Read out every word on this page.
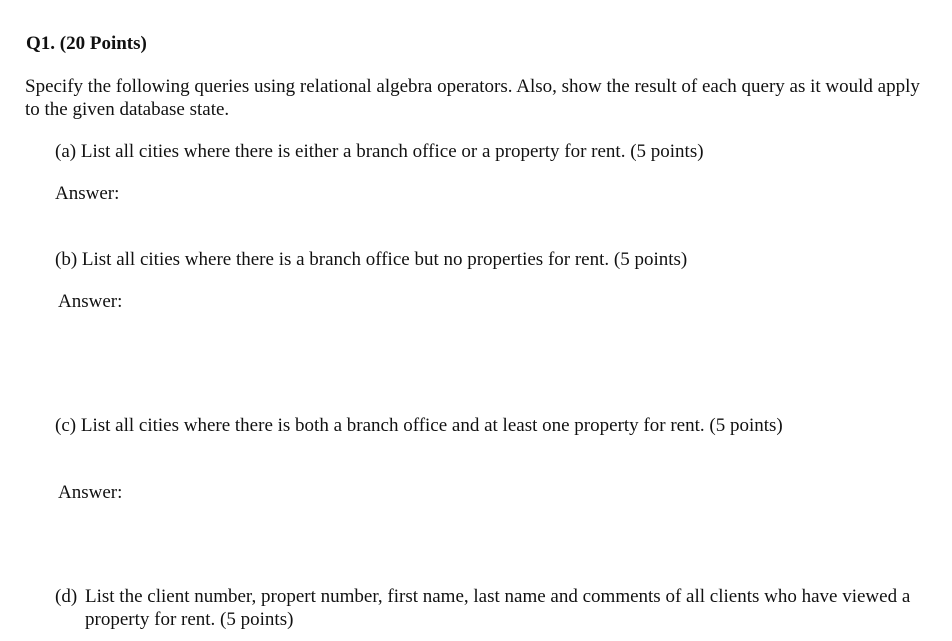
Q1. (20 Points)
Specify the following queries using relational algebra operators. Also, show the result of each query as it would apply to the given database state.
(a) List all cities where there is either a branch office or a property for rent. (5 points)
Answer:
(b) List all cities where there is a branch office but no properties for rent. (5 points)
Answer:
(c) List all cities where there is both a branch office and at least one property for rent. (5 points)
Answer:
(d) List the client number, propert number, first name, last name and comments of all clients who have viewed a property for rent. (5 points)
